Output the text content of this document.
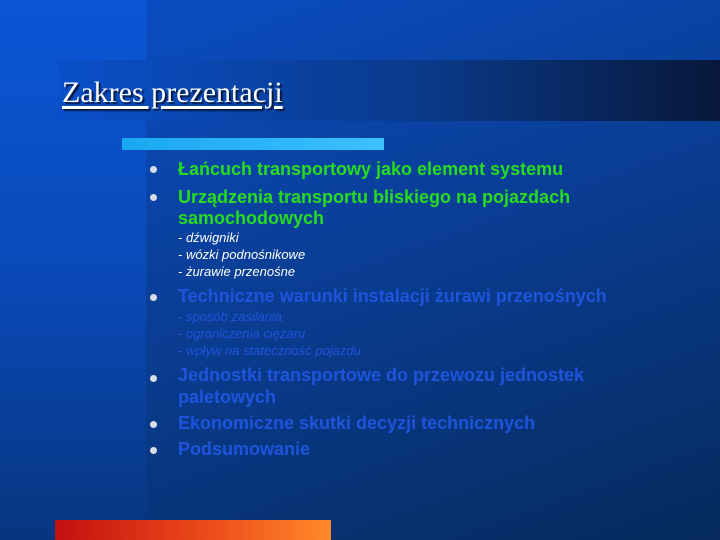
Zakres prezentacji

Łańcuch transportowy jako element systemu

Urządzenia transportu bliskiego na pojazdach

samochodowych

- dźwigniki

- wózki podnośnikowe

- żurawie przenośne

Techniczne warunki instalacji żurawi przenośnych

- sposób zasilania

- ograniczenia ciężaru

- wpływ na stateczność pojazdu

Jednostki transportowe do przewozu jednostek

paletowych

Ekonomiczne skutki decyzji technicznych

Podsumowanie
